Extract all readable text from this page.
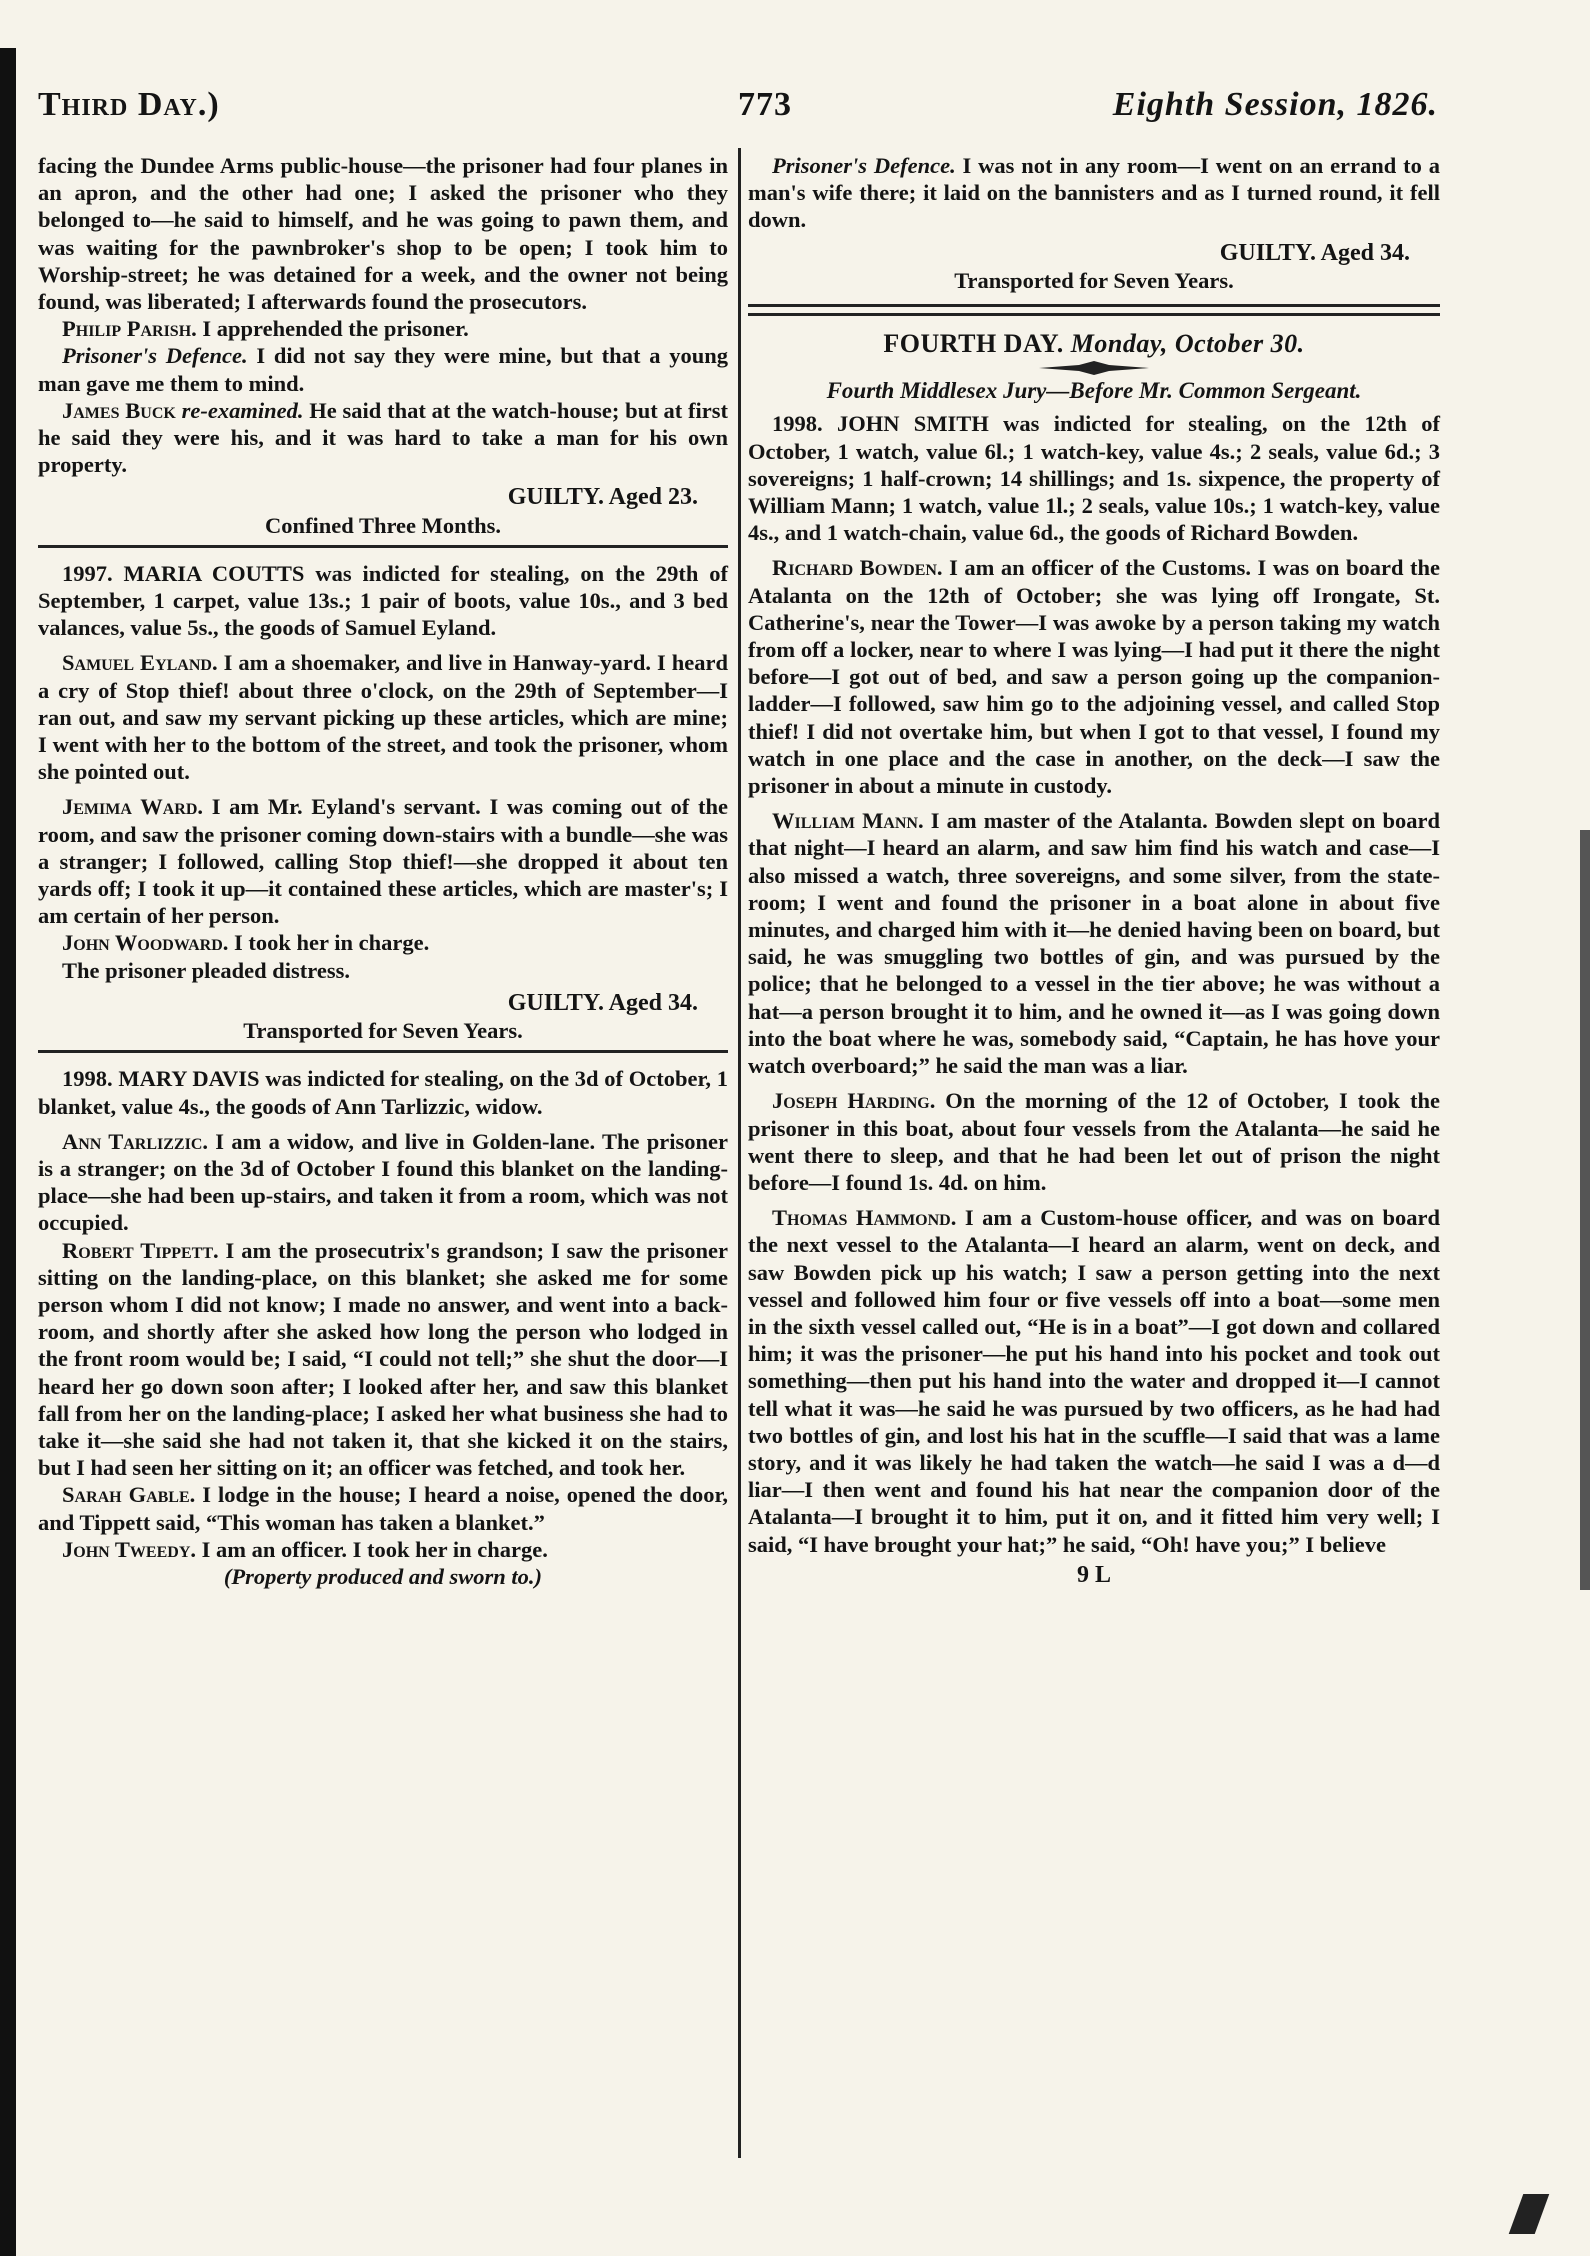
Third Day.)	773	Eighth Session, 1826.

facing the Dundee Arms public-house—the prisoner had four planes in an apron, and the other had one; I asked the prisoner who they belonged to—he said to himself, and he was going to pawn them, and was waiting for the pawnbroker's shop to be open; I took him to Worship-street; he was detained for a week, and the owner not being found, was liberated; I afterwards found the prosecutors.

Philip Parish. I apprehended the prisoner.

Prisoner's Defence. I did not say they were mine, but that a young man gave me them to mind.

James Buck re-examined. He said that at the watch-house; but at first he said they were his, and it was hard to take a man for his own property.

GUILTY. Aged 23.

Confined Three Months.

1997. MARIA COUTTS was indicted for stealing, on the 29th of September, 1 carpet, value 13s.; 1 pair of boots, value 10s., and 3 bed valances, value 5s., the goods of Samuel Eyland.

Samuel Eyland. I am a shoemaker, and live in Hanway-yard. I heard a cry of Stop thief! about three o'clock, on the 29th of September—I ran out, and saw my servant picking up these articles, which are mine; I went with her to the bottom of the street, and took the prisoner, whom she pointed out.

Jemima Ward. I am Mr. Eyland's servant. I was coming out of the room, and saw the prisoner coming down-stairs with a bundle—she was a stranger; I followed, calling Stop thief!—she dropped it about ten yards off; I took it up—it contained these articles, which are master's; I am certain of her person.

John Woodward. I took her in charge.

The prisoner pleaded distress.

GUILTY. Aged 34.

Transported for Seven Years.

1998. MARY DAVIS was indicted for stealing, on the 3d of October, 1 blanket, value 4s., the goods of Ann Tarlizzic, widow.

Ann Tarlizzic. I am a widow, and live in Golden-lane. The prisoner is a stranger; on the 3d of October I found this blanket on the landing-place—she had been up-stairs, and taken it from a room, which was not occupied.

Robert Tippett. I am the prosecutrix's grandson; I saw the prisoner sitting on the landing-place, on this blanket; she asked me for some person whom I did not know; I made no answer, and went into a back-room, and shortly after she asked how long the person who lodged in the front room would be; I said, “I could not tell;” she shut the door—I heard her go down soon after; I looked after her, and saw this blanket fall from her on the landing-place; I asked her what business she had to take it—she said she had not taken it, that she kicked it on the stairs, but I had seen her sitting on it; an officer was fetched, and took her.

Sarah Gable. I lodge in the house; I heard a noise, opened the door, and Tippett said, “This woman has taken a blanket.”

John Tweedy. I am an officer. I took her in charge.

(Property produced and sworn to.)

Prisoner's Defence. I was not in any room—I went on an errand to a man's wife there; it laid on the bannisters and as I turned round, it fell down.

GUILTY. Aged 34.

Transported for Seven Years.

FOURTH DAY. Monday, October 30.

Fourth Middlesex Jury—Before Mr. Common Sergeant.

1998. JOHN SMITH was indicted for stealing, on the 12th of October, 1 watch, value 6l.; 1 watch-key, value 4s.; 2 seals, value 6d.; 3 sovereigns; 1 half-crown; 14 shillings; and 1s. sixpence, the property of William Mann; 1 watch, value 1l.; 2 seals, value 10s.; 1 watch-key, value 4s., and 1 watch-chain, value 6d., the goods of Richard Bowden.

Richard Bowden. I am an officer of the Customs. I was on board the Atalanta on the 12th of October; she was lying off Irongate, St. Catherine's, near the Tower—I was awoke by a person taking my watch from off a locker, near to where I was lying—I had put it there the night before—I got out of bed, and saw a person going up the companion-ladder—I followed, saw him go to the adjoining vessel, and called Stop thief! I did not overtake him, but when I got to that vessel, I found my watch in one place and the case in another, on the deck—I saw the prisoner in about a minute in custody.

William Mann. I am master of the Atalanta. Bowden slept on board that night—I heard an alarm, and saw him find his watch and case—I also missed a watch, three sovereigns, and some silver, from the state-room; I went and found the prisoner in a boat alone in about five minutes, and charged him with it—he denied having been on board, but said, he was smuggling two bottles of gin, and was pursued by the police; that he belonged to a vessel in the tier above; he was without a hat—a person brought it to him, and he owned it—as I was going down into the boat where he was, somebody said, “Captain, he has hove your watch overboard;” he said the man was a liar.

Joseph Harding. On the morning of the 12 of October, I took the prisoner in this boat, about four vessels from the Atalanta—he said he went there to sleep, and that he had been let out of prison the night before—I found 1s. 4d. on him.

Thomas Hammond. I am a Custom-house officer, and was on board the next vessel to the Atalanta—I heard an alarm, went on deck, and saw Bowden pick up his watch; I saw a person getting into the next vessel and followed him four or five vessels off into a boat—some men in the sixth vessel called out, “He is in a boat”—I got down and collared him; it was the prisoner—he put his hand into his pocket and took out something—then put his hand into the water and dropped it—I cannot tell what it was—he said he was pursued by two officers, as he had had two bottles of gin, and lost his hat in the scuffle—I said that was a lame story, and it was likely he had taken the watch—he said I was a d—d liar—I then went and found his hat near the companion door of the Atalanta—I brought it to him, put it on, and it fitted him very well; I said, “I have brought your hat;” he said, “Oh! have you;” I believe

9 L
